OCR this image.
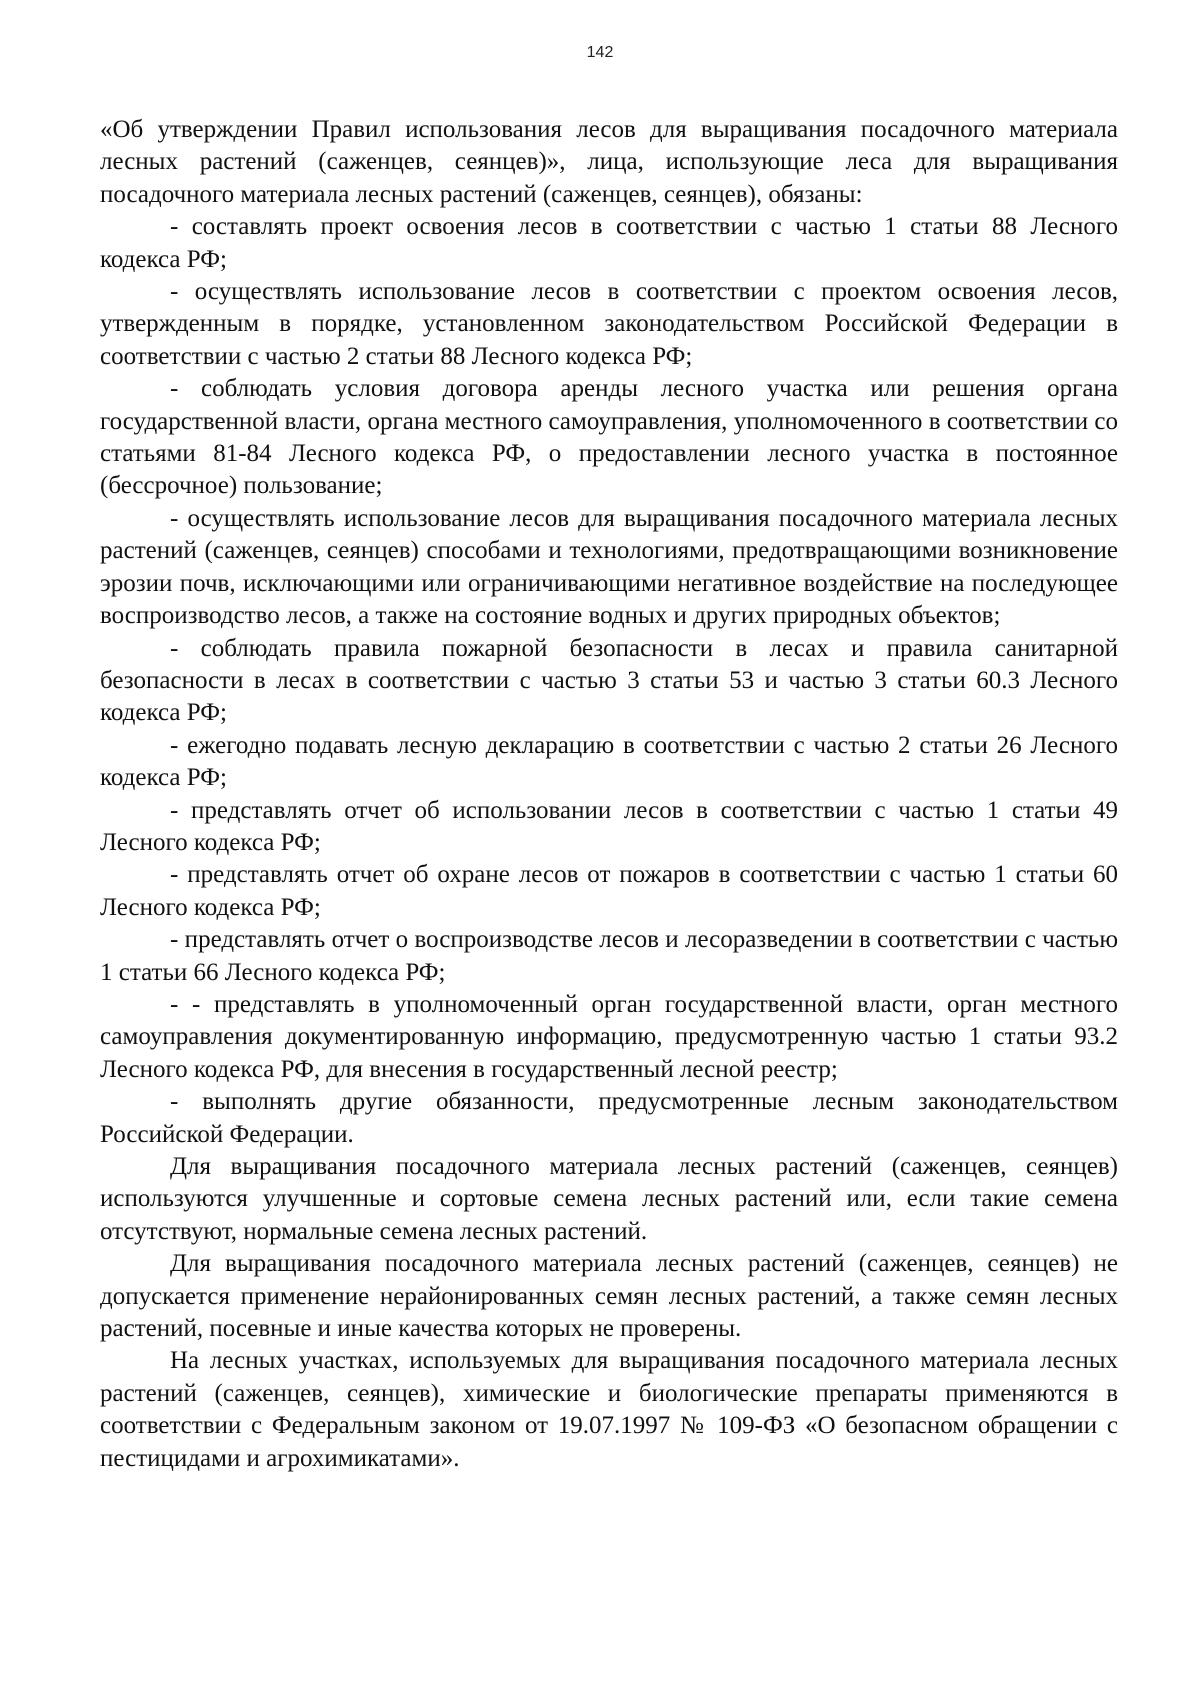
142

«Об утверждении Правил использования лесов для выращивания посадочного материала лесных растений (саженцев, сеянцев)», лица, использующие леса для выращивания посадочного материала лесных растений (саженцев, сеянцев), обязаны:

- составлять проект освоения лесов в соответствии с частью 1 статьи 88 Лесного кодекса РФ;

- осуществлять использование лесов в соответствии с проектом освоения лесов, утвержденным в порядке, установленном законодательством Российской Федерации в соответствии с частью 2 статьи 88 Лесного кодекса РФ;

- соблюдать условия договора аренды лесного участка или решения органа государственной власти, органа местного самоуправления, уполномоченного в соответствии со статьями 81-84 Лесного кодекса РФ, о предоставлении лесного участка в постоянное (бессрочное) пользование;

- осуществлять использование лесов для выращивания посадочного материала лесных растений (саженцев, сеянцев) способами и технологиями, предотвращающими возникновение эрозии почв, исключающими или ограничивающими негативное воздействие на последующее воспроизводство лесов, а также на состояние водных и других природных объектов;

- соблюдать правила пожарной безопасности в лесах и правила санитарной безопасности в лесах в соответствии с частью 3 статьи 53 и частью 3 статьи 60.3 Лесного кодекса РФ;

- ежегодно подавать лесную декларацию в соответствии с частью 2 статьи 26 Лесного кодекса РФ;

- представлять отчет об использовании лесов в соответствии с частью 1 статьи 49 Лесного кодекса РФ;

- представлять отчет об охране лесов от пожаров в соответствии с частью 1 статьи 60 Лесного кодекса РФ;

- представлять отчет о воспроизводстве лесов и лесоразведении в соответствии с частью 1 статьи 66 Лесного кодекса РФ;

- - представлять в уполномоченный орган государственной власти, орган местного самоуправления документированную информацию, предусмотренную частью 1 статьи 93.2 Лесного кодекса РФ, для внесения в государственный лесной реестр;

- выполнять другие обязанности, предусмотренные лесным законодательством Российской Федерации.

Для выращивания посадочного материала лесных растений (саженцев, сеянцев) используются улучшенные и сортовые семена лесных растений или, если такие семена отсутствуют, нормальные семена лесных растений.

Для выращивания посадочного материала лесных растений (саженцев, сеянцев) не допускается применение нерайонированных семян лесных растений, а также семян лесных растений, посевные и иные качества которых не проверены.

На лесных участках, используемых для выращивания посадочного материала лесных растений (саженцев, сеянцев), химические и биологические препараты применяются в соответствии с Федеральным законом от 19.07.1997 № 109-ФЗ «О безопасном обращении с пестицидами и агрохимикатами».
